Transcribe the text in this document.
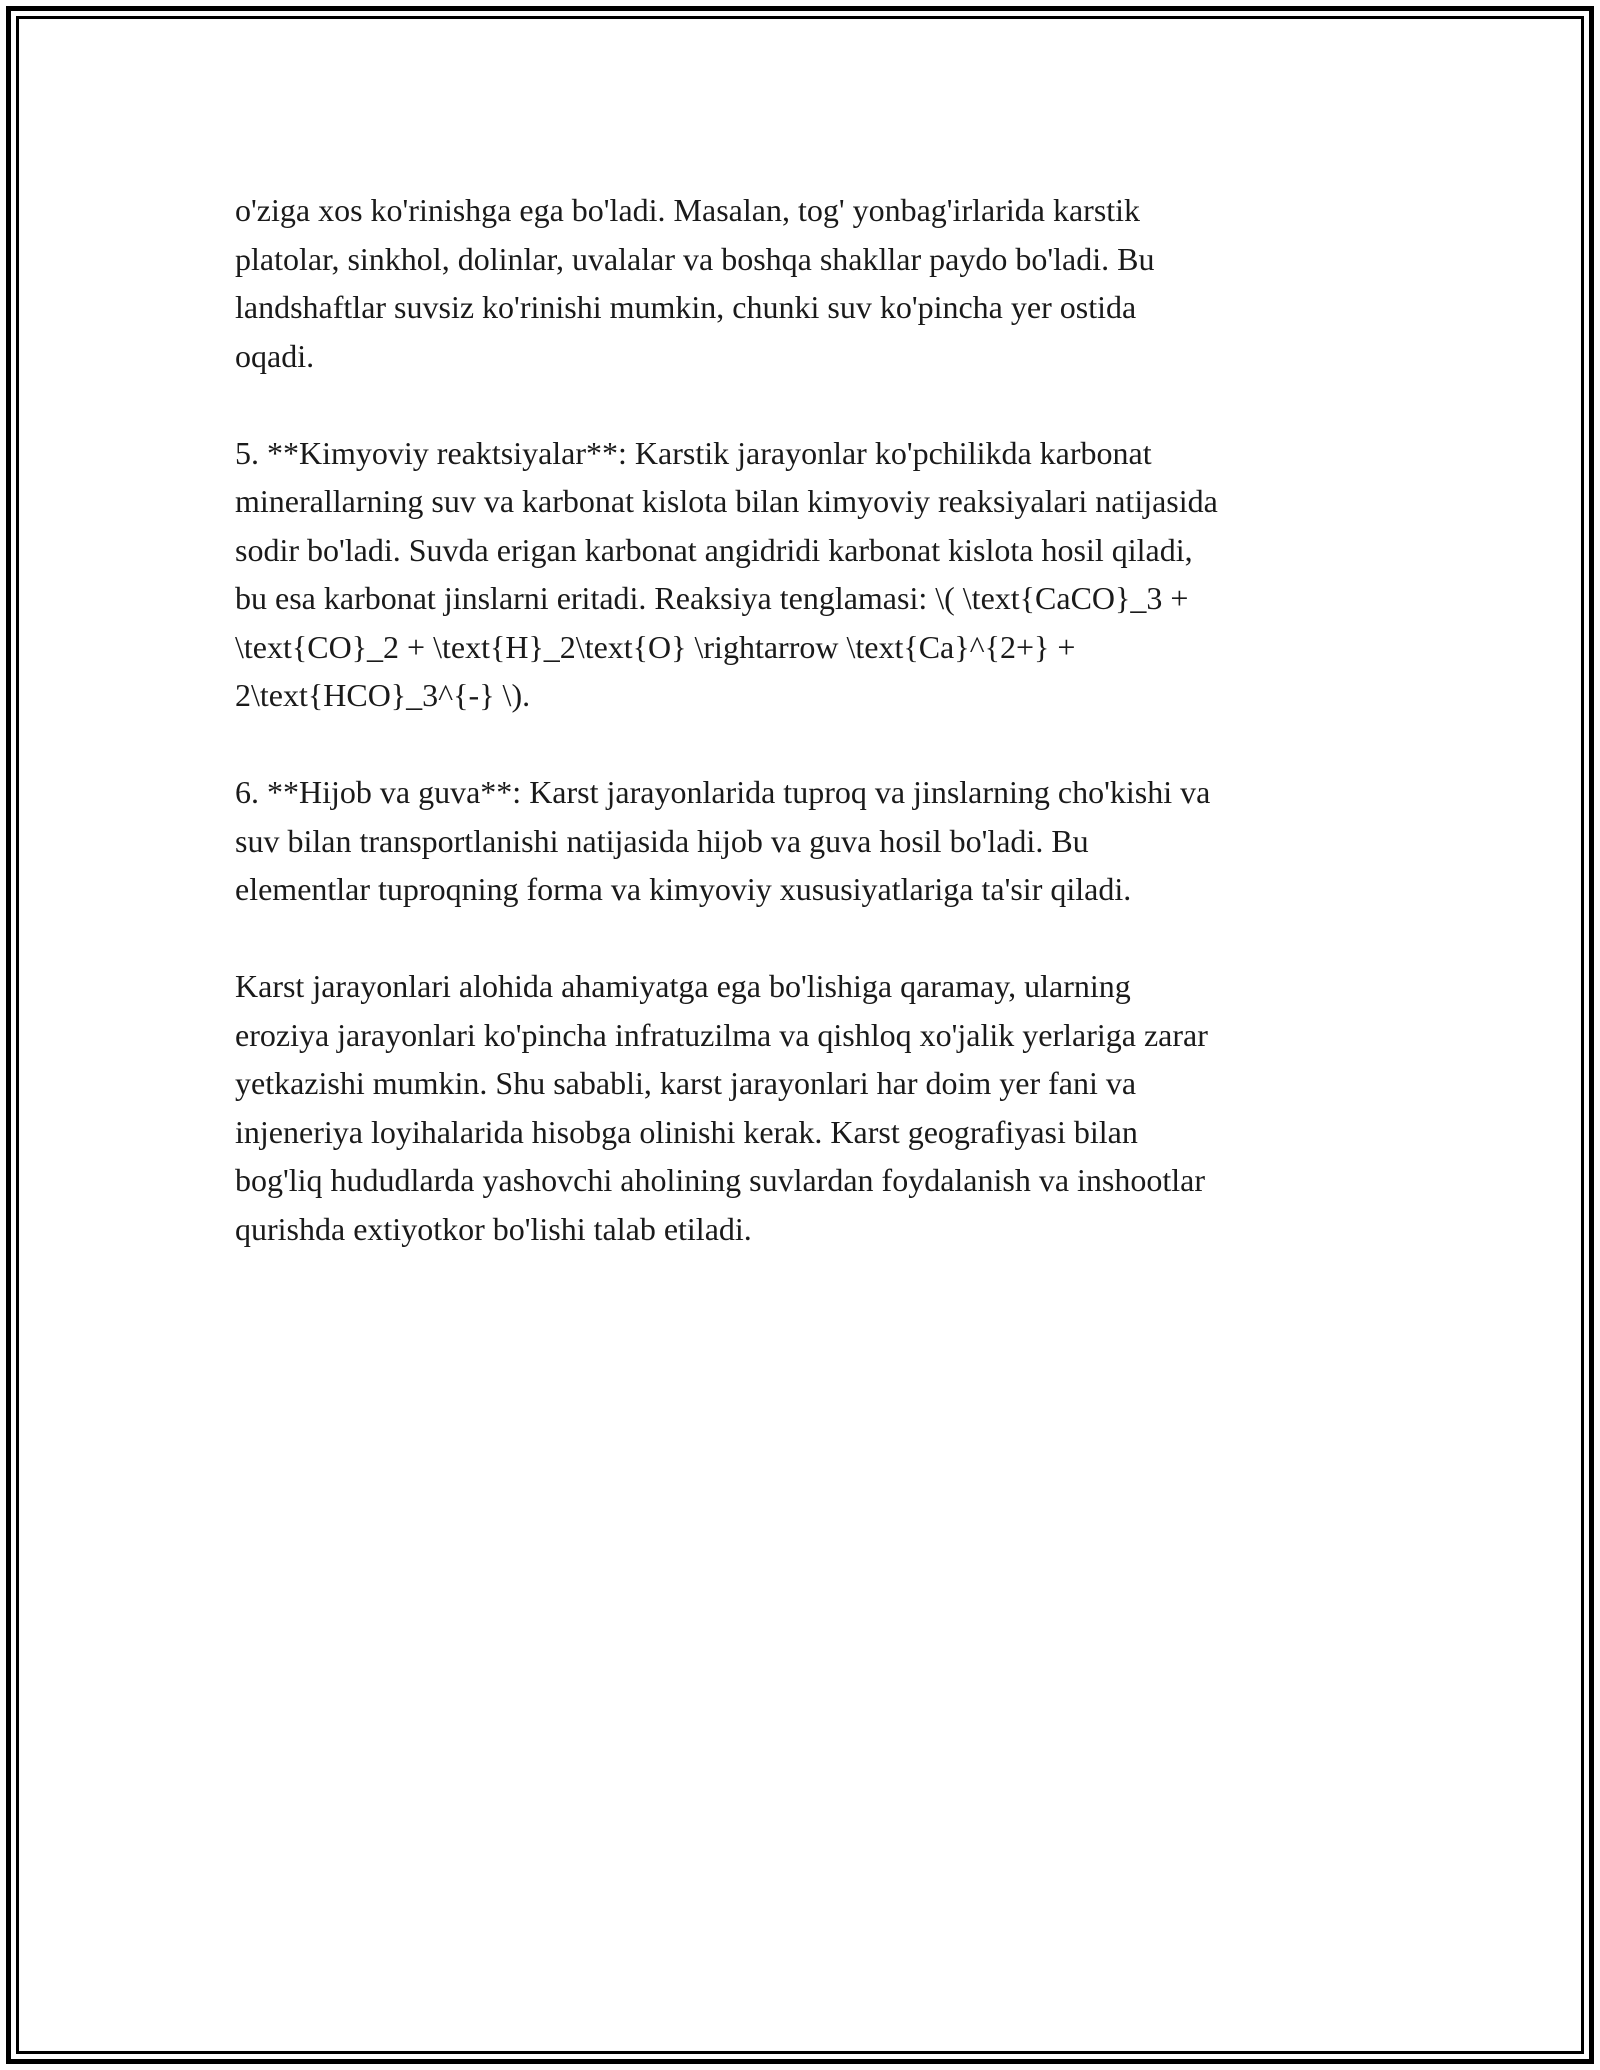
o'ziga xos ko'rinishga ega bo'ladi. Masalan, tog' yonbag'irlarida karstik
platolar, sinkhol, dolinlar, uvalalar va boshqa shakllar paydo bo'ladi. Bu
landshaftlar suvsiz ko'rinishi mumkin, chunki suv ko'pincha yer ostida
oqadi.

5. **Kimyoviy reaktsiyalar**: Karstik jarayonlar ko'pchilikda karbonat
minerallarning suv va karbonat kislota bilan kimyoviy reaksiyalari natijasida
sodir bo'ladi. Suvda erigan karbonat angidridi karbonat kislota hosil qiladi,
bu esa karbonat jinslarni eritadi. Reaksiya tenglamasi: \( \text{CaCO}_3 +
\text{CO}_2 + \text{H}_2\text{O} \rightarrow \text{Ca}^{2+} +
2\text{HCO}_3^{-} \).

6. **Hijob va guva**: Karst jarayonlarida tuproq va jinslarning cho'kishi va
suv bilan transportlanishi natijasida hijob va guva hosil bo'ladi. Bu
elementlar tuproqning forma va kimyoviy xususiyatlariga ta'sir qiladi.

Karst jarayonlari alohida ahamiyatga ega bo'lishiga qaramay, ularning
eroziya jarayonlari ko'pincha infratuzilma va qishloq xo'jalik yerlariga zarar
yetkazishi mumkin. Shu sababli, karst jarayonlari har doim yer fani va
injeneriya loyihalarida hisobga olinishi kerak. Karst geografiyasi bilan
bog'liq hududlarda yashovchi aholining suvlardan foydalanish va inshootlar
qurishda extiyotkor bo'lishi talab etiladi.
